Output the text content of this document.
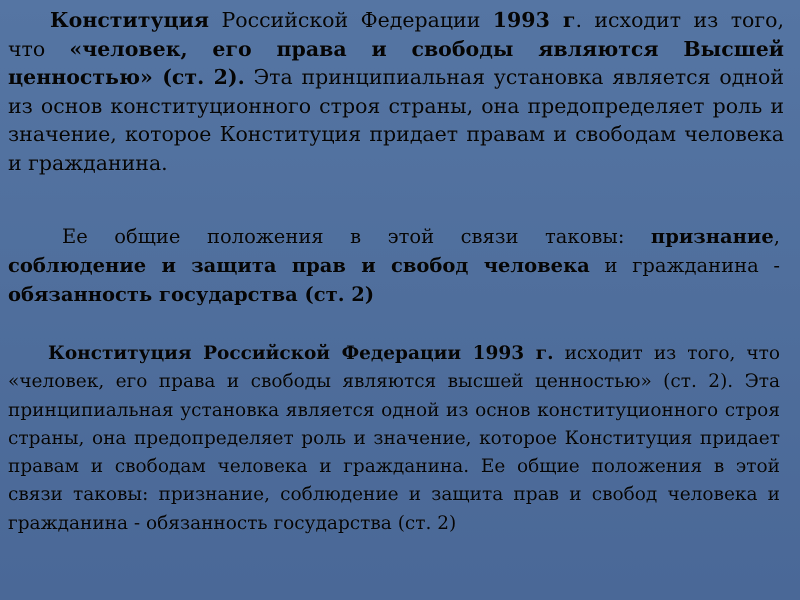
Конституция Российской Федерации 1993 г. исходит из того, что «человек, его права и свободы являются Высшей ценностью» (ст. 2). Эта принципиальная установка является одной из основ конституционного строя страны, она предопределяет роль и значение, которое Конституция придает правам и свободам человека и гражданина.

Ее общие положения в этой связи таковы: признание, соблюдение и защита прав и свобод человека и гражданина - обязанность государства (ст. 2)

Конституция Российской Федерации 1993 г. исходит из того, что «человек, его права и свободы являются высшей ценностью» (ст. 2). Эта принципиальная установка является одной из основ конституционного строя страны, она предопределяет роль и значение, которое Конституция придает правам и свободам человека и гражданина. Ее общие положения в этой связи таковы: признание, соблюдение и защита прав и свобод человека и гражданина - обязанность государства (ст. 2)
